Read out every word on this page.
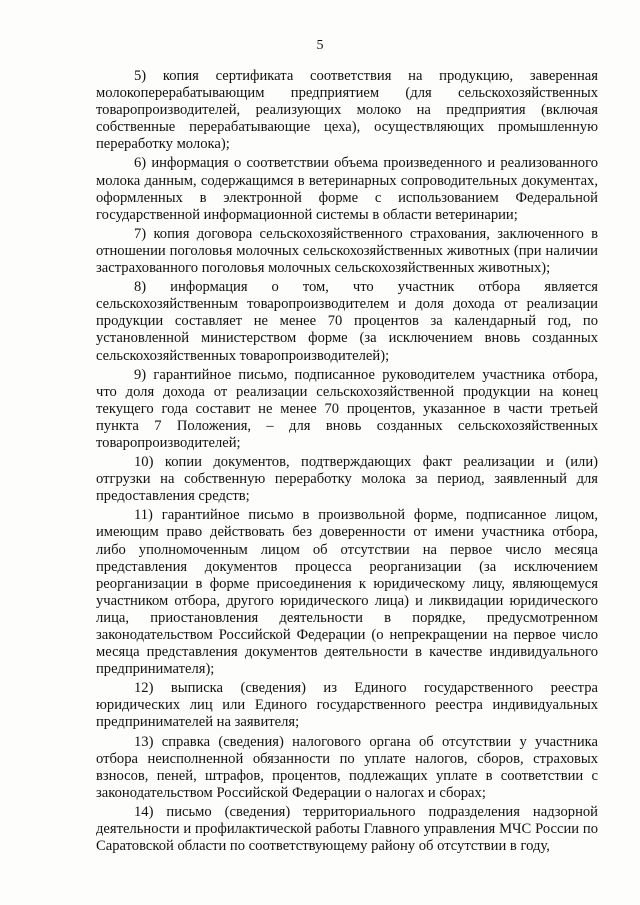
5

5) копия сертификата соответствия на продукцию, заверенная молокоперерабатывающим предприятием (для сельскохозяйственных товаропроизводителей, реализующих молоко на предприятия (включая собственные перерабатывающие цеха), осуществляющих промышленную переработку молока);

6) информация о соответствии объема произведенного и реализованного молока данным, содержащимся в ветеринарных сопроводительных документах, оформленных в электронной форме с использованием Федеральной государственной информационной системы в области ветеринарии;

7) копия договора сельскохозяйственного страхования, заключенного в отношении поголовья молочных сельскохозяйственных животных (при наличии застрахованного поголовья молочных сельскохозяйственных животных);

8) информация о том, что участник отбора является сельскохозяйственным товаропроизводителем и доля дохода от реализации продукции составляет не менее 70 процентов за календарный год, по установленной министерством форме (за исключением вновь созданных сельскохозяйственных товаропроизводителей);

9) гарантийное письмо, подписанное руководителем участника отбора, что доля дохода от реализации сельскохозяйственной продукции на конец текущего года составит не менее 70 процентов, указанное в части третьей пункта 7 Положения, – для вновь созданных сельскохозяйственных товаропроизводителей;

10) копии документов, подтверждающих факт реализации и (или) отгрузки на собственную переработку молока за период, заявленный для предоставления средств;

11) гарантийное письмо в произвольной форме, подписанное лицом, имеющим право действовать без доверенности от имени участника отбора, либо уполномоченным лицом об отсутствии на первое число месяца представления документов процесса реорганизации (за исключением реорганизации в форме присоединения к юридическому лицу, являющемуся участником отбора, другого юридического лица) и ликвидации юридического лица, приостановления деятельности в порядке, предусмотренном законодательством Российской Федерации (о непрекращении на первое число месяца представления документов деятельности в качестве индивидуального предпринимателя);

12) выписка (сведения) из Единого государственного реестра юридических лиц или Единого государственного реестра индивидуальных предпринимателей на заявителя;

13) справка (сведения) налогового органа об отсутствии у участника отбора неисполненной обязанности по уплате налогов, сборов, страховых взносов, пеней, штрафов, процентов, подлежащих уплате в соответствии с законодательством Российской Федерации о налогах и сборах;

14) письмо (сведения) территориального подразделения надзорной деятельности и профилактической работы Главного управления МЧС России по Саратовской области по соответствующему району об отсутствии в году,
